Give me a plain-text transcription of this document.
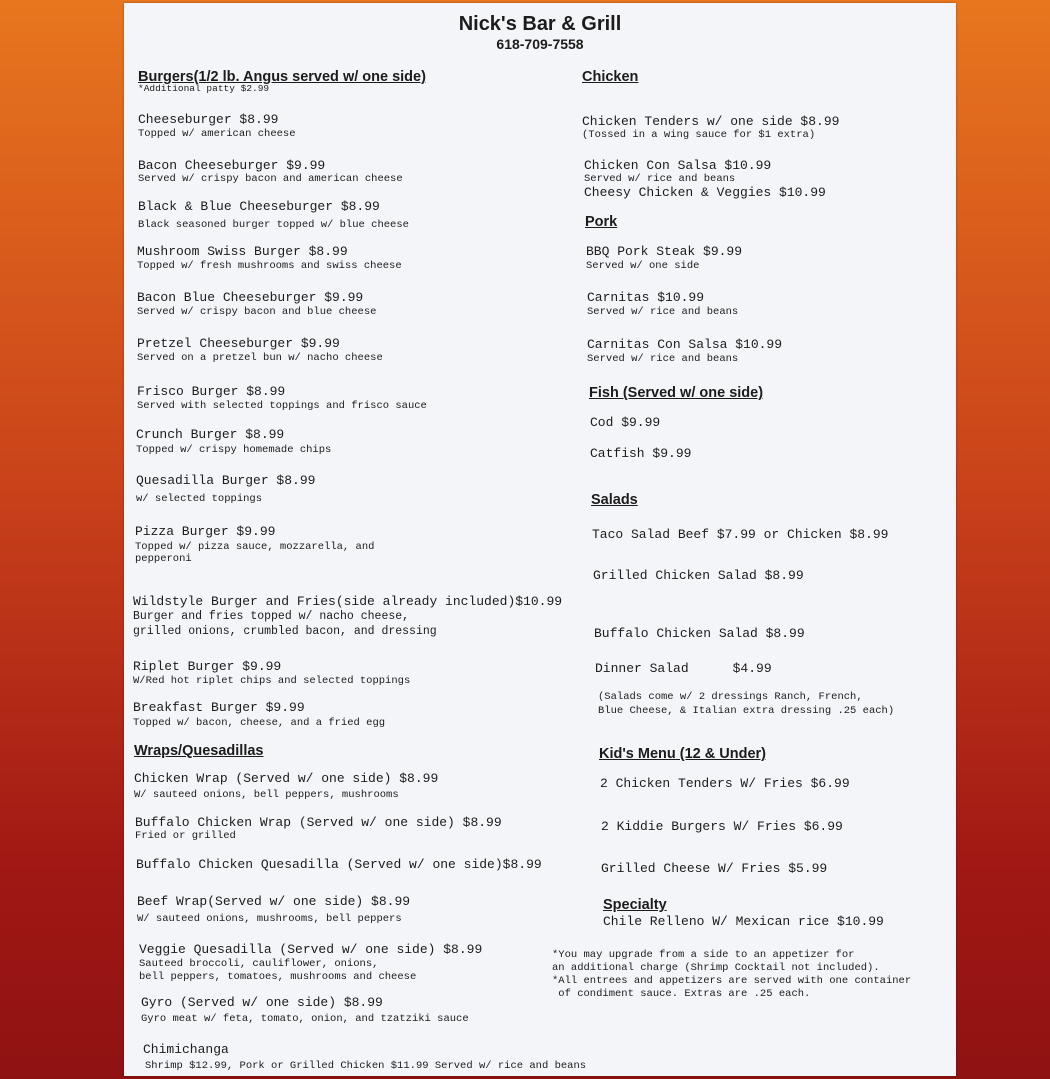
Nick's Bar & Grill
618-709-7558
Burgers(1/2 lb. Angus served w/ one side)
*Additional patty $2.99
Cheeseburger $8.99
Topped w/ american cheese
Bacon Cheeseburger $9.99
Served w/ crispy bacon and american cheese
Black & Blue Cheeseburger $8.99
Black seasoned burger topped w/ blue cheese
Mushroom Swiss Burger $8.99
Topped w/ fresh mushrooms and swiss cheese
Bacon Blue Cheeseburger $9.99
Served w/ crispy bacon and blue cheese
Pretzel Cheeseburger $9.99
Served on a pretzel bun w/ nacho cheese
Frisco Burger $8.99
Served with selected toppings and frisco sauce
Crunch Burger $8.99
Topped w/ crispy homemade chips
Quesadilla Burger $8.99
w/ selected toppings
Pizza Burger $9.99
Topped w/ pizza sauce, mozzarella, and
pepperoni
Wildstyle Burger and Fries(side already included)$10.99
Burger and fries topped w/ nacho cheese,
grilled onions, crumbled bacon, and dressing
Riplet Burger $9.99
W/Red hot riplet chips and selected toppings
Breakfast Burger $9.99
Topped w/ bacon, cheese, and a fried egg
Wraps/Quesadillas
Chicken Wrap (Served w/ one side) $8.99
W/ sauteed onions, bell peppers, mushrooms
Buffalo Chicken Wrap (Served w/ one side) $8.99
Fried or grilled
Buffalo Chicken Quesadilla (Served w/ one side)$8.99
Beef Wrap(Served w/ one side) $8.99
W/ sauteed onions, mushrooms, bell peppers
Veggie Quesadilla (Served w/ one side) $8.99
Sauteed broccoli, cauliflower, onions,
bell peppers, tomatoes, mushrooms and cheese
Gyro (Served w/ one side) $8.99
Gyro meat w/ feta, tomato, onion, and tzatziki sauce
Chimichanga
Shrimp $12.99, Pork or Grilled Chicken $11.99 Served w/ rice and beans
Chicken
Chicken Tenders w/ one side $8.99
(Tossed in a wing sauce for $1 extra)
Chicken Con Salsa $10.99
Served w/ rice and beans
Cheesy Chicken & Veggies $10.99
Pork
BBQ Pork Steak $9.99
Served w/ one side
Carnitas $10.99
Served w/ rice and beans
Carnitas Con Salsa $10.99
Served w/ rice and beans
Fish (Served w/ one side)
Cod $9.99
Catfish $9.99
Salads
Taco Salad Beef $7.99 or Chicken $8.99
Grilled Chicken Salad $8.99
Buffalo Chicken Salad $8.99
Dinner Salad	$4.99
(Salads come w/ 2 dressings Ranch, French,
Blue Cheese, & Italian extra dressing .25 each)
Kid's Menu (12 & Under)
2 Chicken Tenders W/ Fries $6.99
2 Kiddie Burgers W/ Fries $6.99
Grilled Cheese W/ Fries $5.99
Specialty
Chile Relleno W/ Mexican rice $10.99
*You may upgrade from a side to an appetizer for
an additional charge (Shrimp Cocktail not included).
*All entrees and appetizers are served with one container
of condiment sauce. Extras are .25 each.
